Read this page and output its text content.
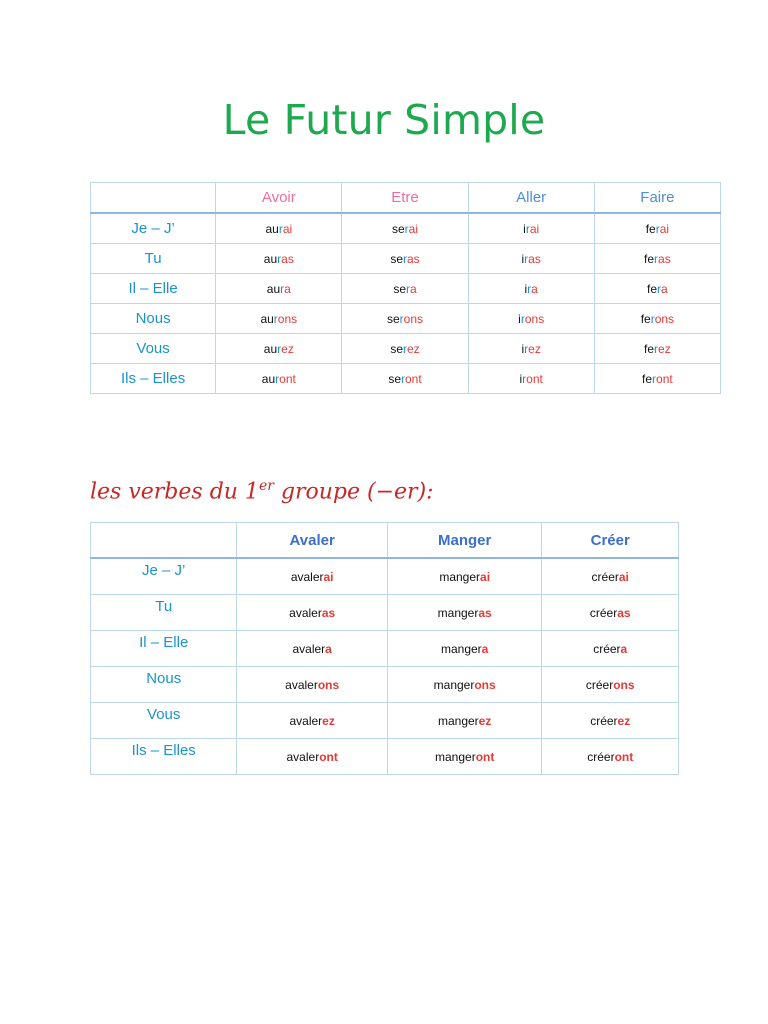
Le Futur Simple
	Avoir	Etre	Aller	Faire
Je – J’	aurai	serai	irai	ferai
Tu	auras	seras	iras	feras
Il – Elle	aura	sera	ira	fera
Nous	aurons	serons	irons	ferons
Vous	aurez	serez	irez	ferez
Ils – Elles	auront	seront	iront	feront
les verbes du 1er groupe (−er):
	Avaler	Manger	Créer
Je – J’	avalerai	mangerai	créerai
Tu	avaleras	mangeras	créeras
Il – Elle	avalera	mangera	créera
Nous	avalerons	mangerons	créerons
Vous	avalerez	mangerez	créerez
Ils – Elles	avaleront	mangeront	créeront
